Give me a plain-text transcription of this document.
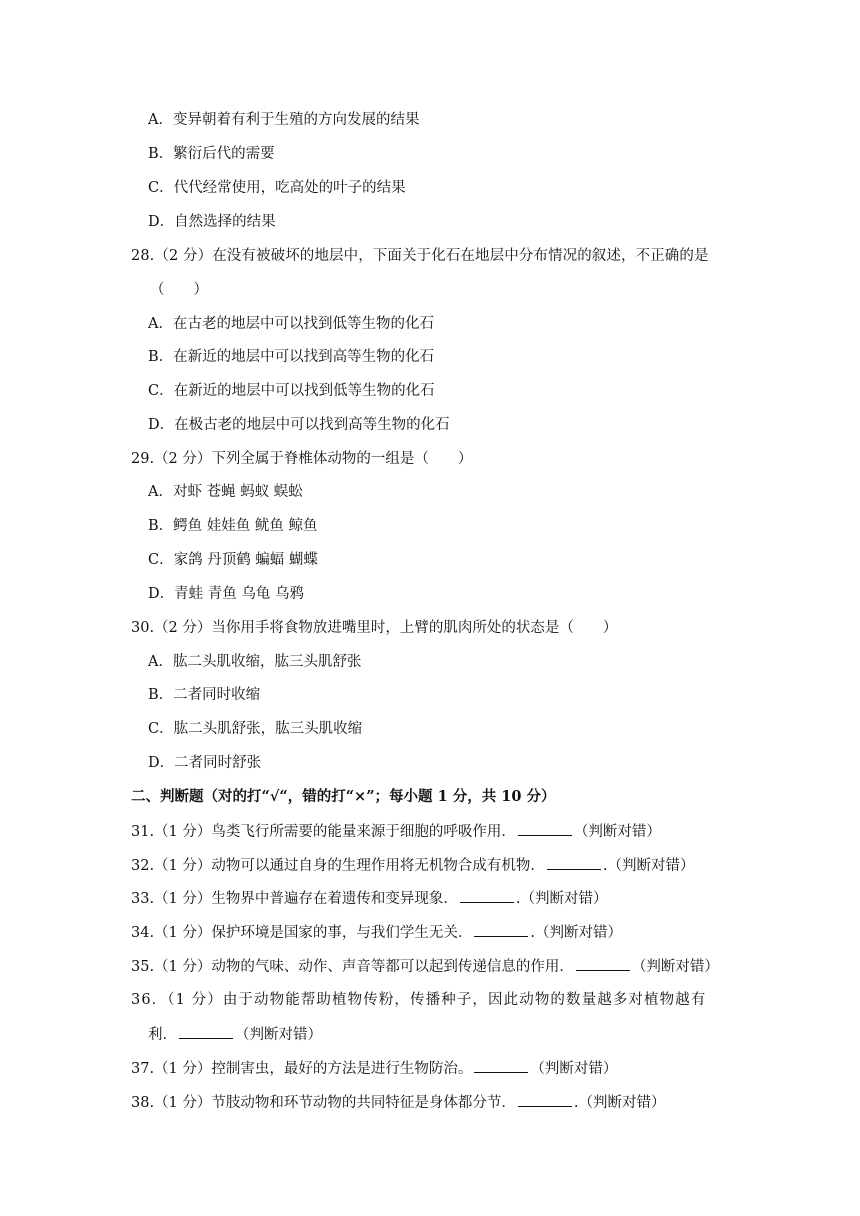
A．变异朝着有利于生殖的方向发展的结果
B．繁衍后代的需要
C．代代经常使用，吃高处的叶子的结果
D．自然选择的结果
28.（2 分）在没有被破坏的地层中，下面关于化石在地层中分布情况的叙述，不正确的是
（　　）
A．在古老的地层中可以找到低等生物的化石
B．在新近的地层中可以找到高等生物的化石
C．在新近的地层中可以找到低等生物的化石
D．在极古老的地层中可以找到高等生物的化石
29.（2 分）下列全属于脊椎体动物的一组是（　　）
A．对虾 苍蝇 蚂蚁 蜈蚣
B．鳄鱼 娃娃鱼 鱿鱼 鲸鱼
C．家鸽 丹顶鹤 蝙蝠 蝴蝶
D．青蛙 青鱼 乌龟 乌鸦
30.（2 分）当你用手将食物放进嘴里时，上臂的肌肉所处的状态是（　　）
A．肱二头肌收缩，肱三头肌舒张
B．二者同时收缩
C．肱二头肌舒张，肱三头肌收缩
D．二者同时舒张
二、判断题（对的打“√“，错的打“×”；每小题 1 分，共 10 分）
31.（1 分）鸟类飞行所需要的能量来源于细胞的呼吸作用．	（判断对错）
32.（1 分）动物可以通过自身的生理作用将无机物合成有机物．	.（判断对错）
33.（1 分）生物界中普遍存在着遗传和变异现象．	.（判断对错）
34.（1 分）保护环境是国家的事，与我们学生无关．	.（判断对错）
35.（1 分）动物的气味、动作、声音等都可以起到传递信息的作用．	（判断对错）
36．（1 分）由于动物能帮助植物传粉，传播种子，因此动物的数量越多对植物越有
利．	（判断对错）
37.（1 分）控制害虫，最好的方法是进行生物防治。	（判断对错）
38.（1 分）节肢动物和环节动物的共同特征是身体都分节．	.（判断对错）
